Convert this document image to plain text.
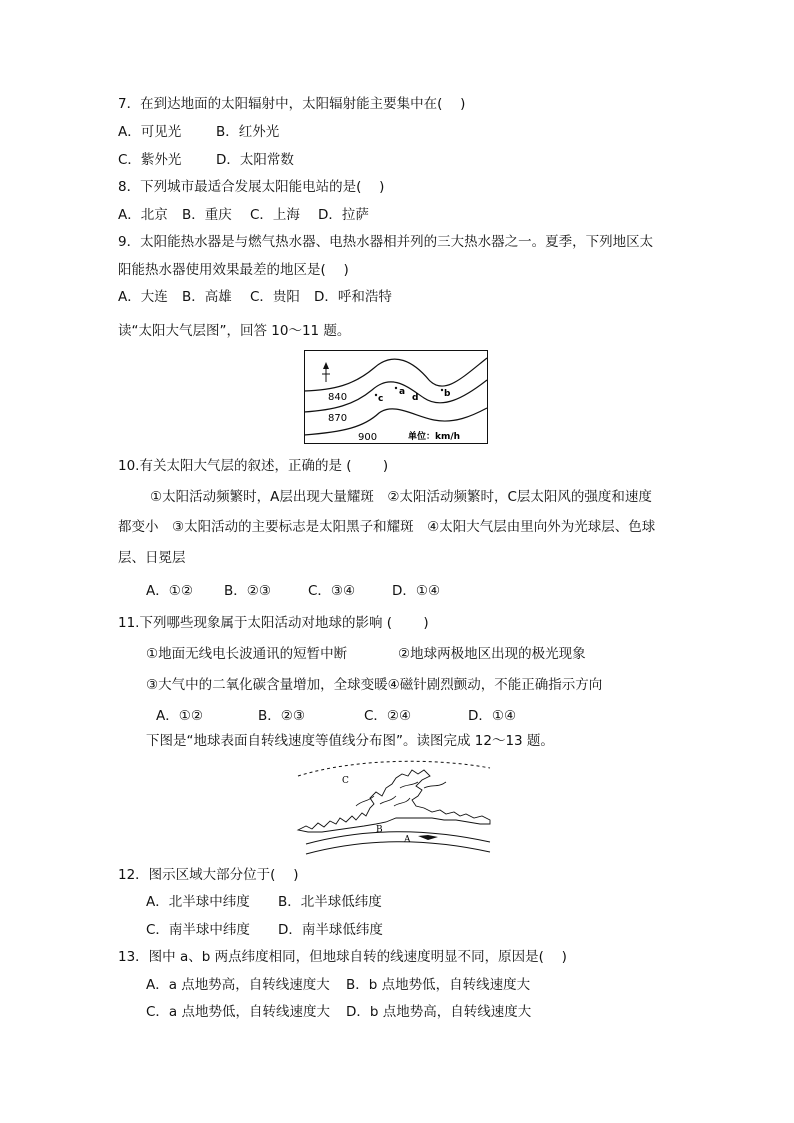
7．在到达地面的太阳辐射中，太阳辐射能主要集中在(　 )
A．可见光	B．红外光
C．紫外光	D．太阳常数
8．下列城市最适合发展太阳能电站的是(　 )
A．北京 B．重庆 C．上海 D．拉萨
9．太阳能热水器是与燃气热水器、电热水器相并列的三大热水器之一。夏季，下列地区太
阳能热水器使用效果最差的地区是(　 )
A．大连 B．高雄 C．贵阳 D．呼和浩特
读“太阳大气层图”，回答 10～11 题。
840
870
900
c
a
d	b
单位：km/h
10.有关太阳大气层的叙述，正确的是 (　　 )
①太阳活动频繁时，A层出现大量耀斑　②太阳活动频繁时，C层太阳风的强度和速度
都变小　③太阳活动的主要标志是太阳黑子和耀斑　④太阳大气层由里向外为光球层、色球
层、日冕层
A．①② B．②③	C．③④	D．①④
11.下列哪些现象属于太阳活动对地球的影响 (　　 )
①地面无线电长波通讯的短暂中断	②地球两极地区出现的极光现象
③大气中的二氧化碳含量增加，全球变暖④磁针剧烈颤动，不能正确指示方向
A．①②	B．②③	C．②④	D．①④
下图是“地球表面自转线速度等值线分布图”。读图完成 12～13 题。
C
B
A
12．图示区域大部分位于(　 )
A．北半球中纬度 B．北半球低纬度
C．南半球中纬度 D．南半球低纬度
13．图中 a、b 两点纬度相同，但地球自转的线速度明显不同，原因是(　 )
A．a 点地势高，自转线速度大 B．b 点地势低，自转线速度大
C．a 点地势低，自转线速度大 D．b 点地势高，自转线速度大
